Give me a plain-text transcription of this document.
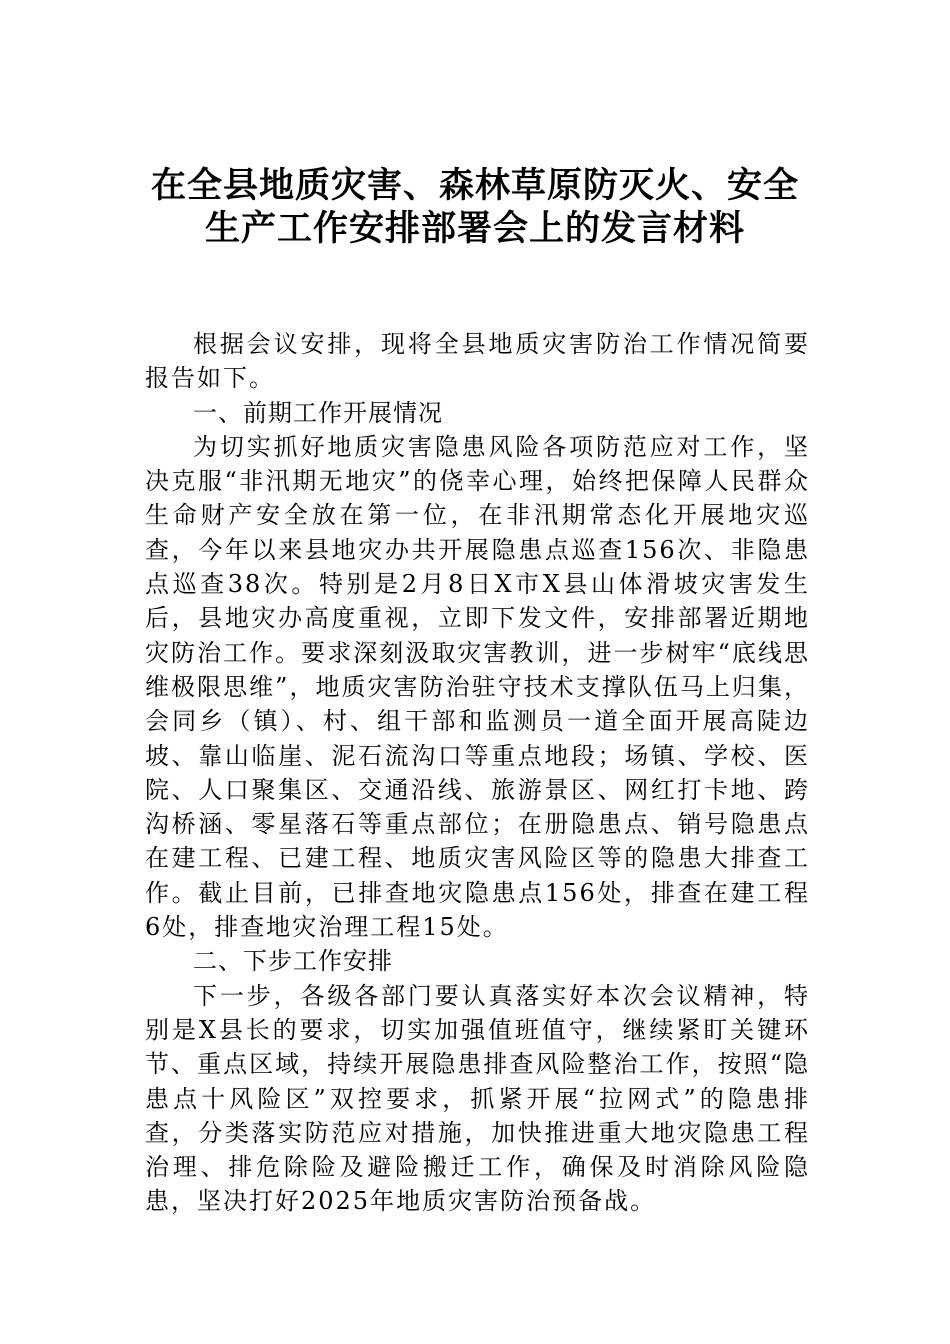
在全县地质灾害、森林草原防灭火、安全
生产工作安排部署会上的发言材料

根据会议安排，现将全县地质灾害防治工作情况简要报告如下。

一、前期工作开展情况

为切实抓好地质灾害隐患风险各项防范应对工作，坚决克服“非汛期无地灾”的侥幸心理，始终把保障人民群众生命财产安全放在第一位，在非汛期常态化开展地灾巡查，今年以来县地灾办共开展隐患点巡查156次、非隐患点巡查38次。特别是2月8日X市X县山体滑坡灾害发生后，县地灾办高度重视，立即下发文件，安排部署近期地灾防治工作。要求深刻汲取灾害教训，进一步树牢“底线思维极限思维”，地质灾害防治驻守技术支撑队伍马上归集，会同乡（镇）、村、组干部和监测员一道全面开展高陡边坡、靠山临崖、泥石流沟口等重点地段；场镇、学校、医院、人口聚集区、交通沿线、旅游景区、网红打卡地、跨沟桥涵、零星落石等重点部位；在册隐患点、销号隐患点在建工程、已建工程、地质灾害风险区等的隐患大排查工作。截止目前，已排查地灾隐患点156处，排查在建工程6处，排查地灾治理工程15处。

二、下步工作安排

下一步，各级各部门要认真落实好本次会议精神，特别是X县长的要求，切实加强值班值守，继续紧盯关键环节、重点区域，持续开展隐患排查风险整治工作，按照“隐患点十风险区”双控要求，抓紧开展“拉网式”的隐患排查，分类落实防范应对措施，加快推进重大地灾隐患工程治理、排危除险及避险搬迁工作，确保及时消除风险隐患，坚决打好2025年地质灾害防治预备战。
